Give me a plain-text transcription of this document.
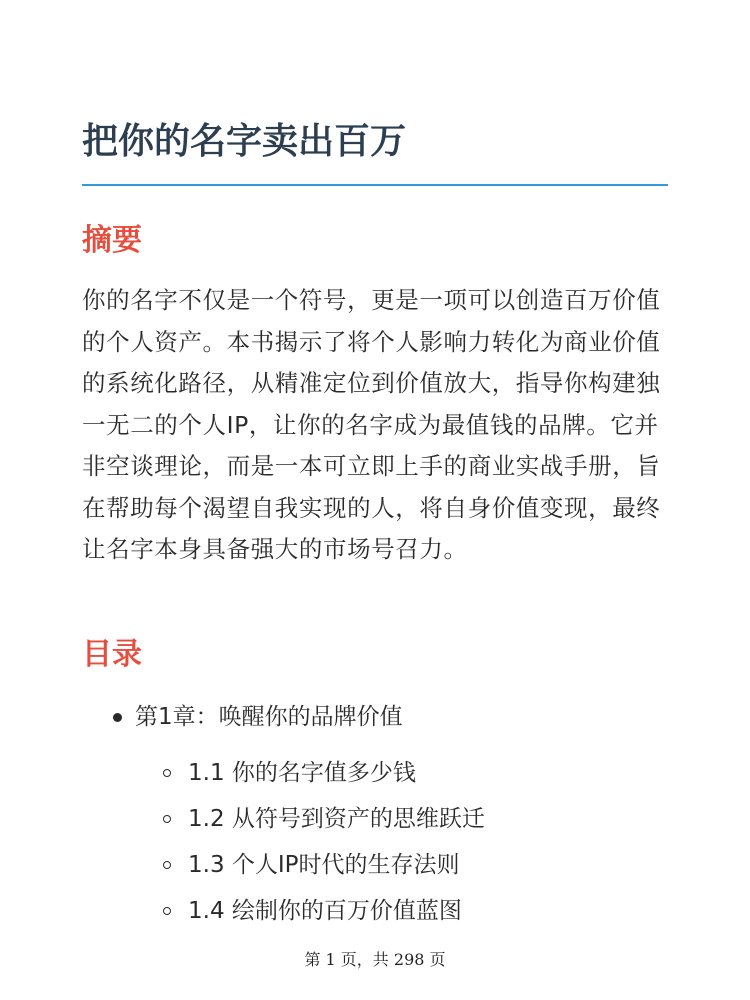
把你的名字卖出百万
摘要

你的名字不仅是一个符号，更是一项可以创造百万价值的个人资产。本书揭示了将个人影响力转化为商业价值的系统化路径，从精准定位到价值放大，指导你构建独一无二的个人IP，让你的名字成为最值钱的品牌。它并非空谈理论，而是一本可立即上手的商业实战手册，旨在帮助每个渴望自我实现的人，将自身价值变现，最终让名字本身具备强大的市场号召力。

目录
第1章：唤醒你的品牌价值
1.1 你的名字值多少钱
1.2 从符号到资产的思维跃迁
1.3 个人IP时代的生存法则
1.4 绘制你的百万价值蓝图
第 1 页，共 298 页
